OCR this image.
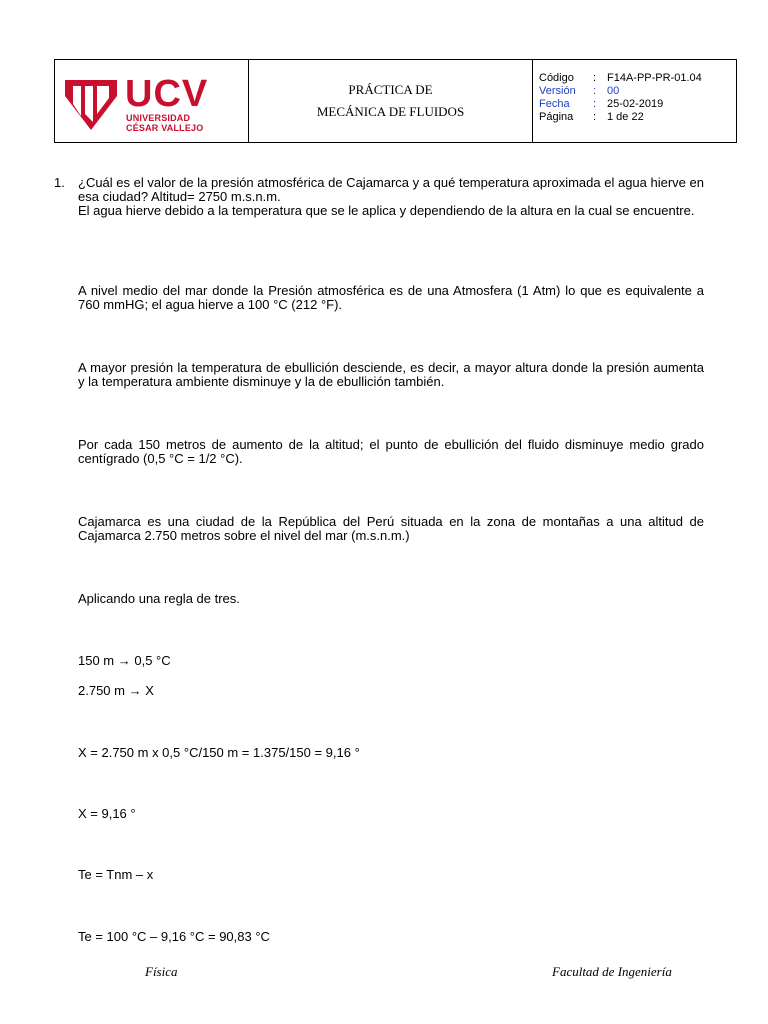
UCV
UNIVERSIDAD
CÉSAR VALLEJO
PRÁCTICA DE
MECÁNICA DE FLUIDOS
Código	: F14A-PP-PR-01.04
Versión	: 00
Fecha	: 25-02-2019
Página	: 1 de 22
1. ¿Cuál es el valor de la presión atmosférica de Cajamarca y a qué temperatura aproximada el agua hierve en esa ciudad? Altitud= 2750 m.s.n.m.

El agua hierve debido a la temperatura que se le aplica y dependiendo de la altura en la cual se encuentre.

A nivel medio del mar donde la Presión atmosférica es de una Atmosfera (1 Atm) lo que es equivalente a 760 mmHG; el agua hierve a 100 °C (212 °F).
A mayor presión la temperatura de ebullición desciende, es decir, a mayor altura donde la presión aumenta y la temperatura ambiente disminuye y la de ebullición también.
Por cada 150 metros de aumento de la altitud; el punto de ebullición del fluido disminuye medio grado centígrado (0,5 °C = 1/2 °C).
Cajamarca es una ciudad de la República del Perú situada en la zona de montañas a una altitud de Cajamarca 2.750 metros sobre el nivel del mar (m.s.n.m.)
Aplicando una regla de tres.
150 m → 0,5 °C
2.750 m → X
X = 2.750 m x 0,5 °C/150 m = 1.375/150 = 9,16 °
X = 9,16 °
Te = Tnm – x
Te = 100 °C – 9,16 °C = 90,83 °C
Física	Facultad de Ingeniería
